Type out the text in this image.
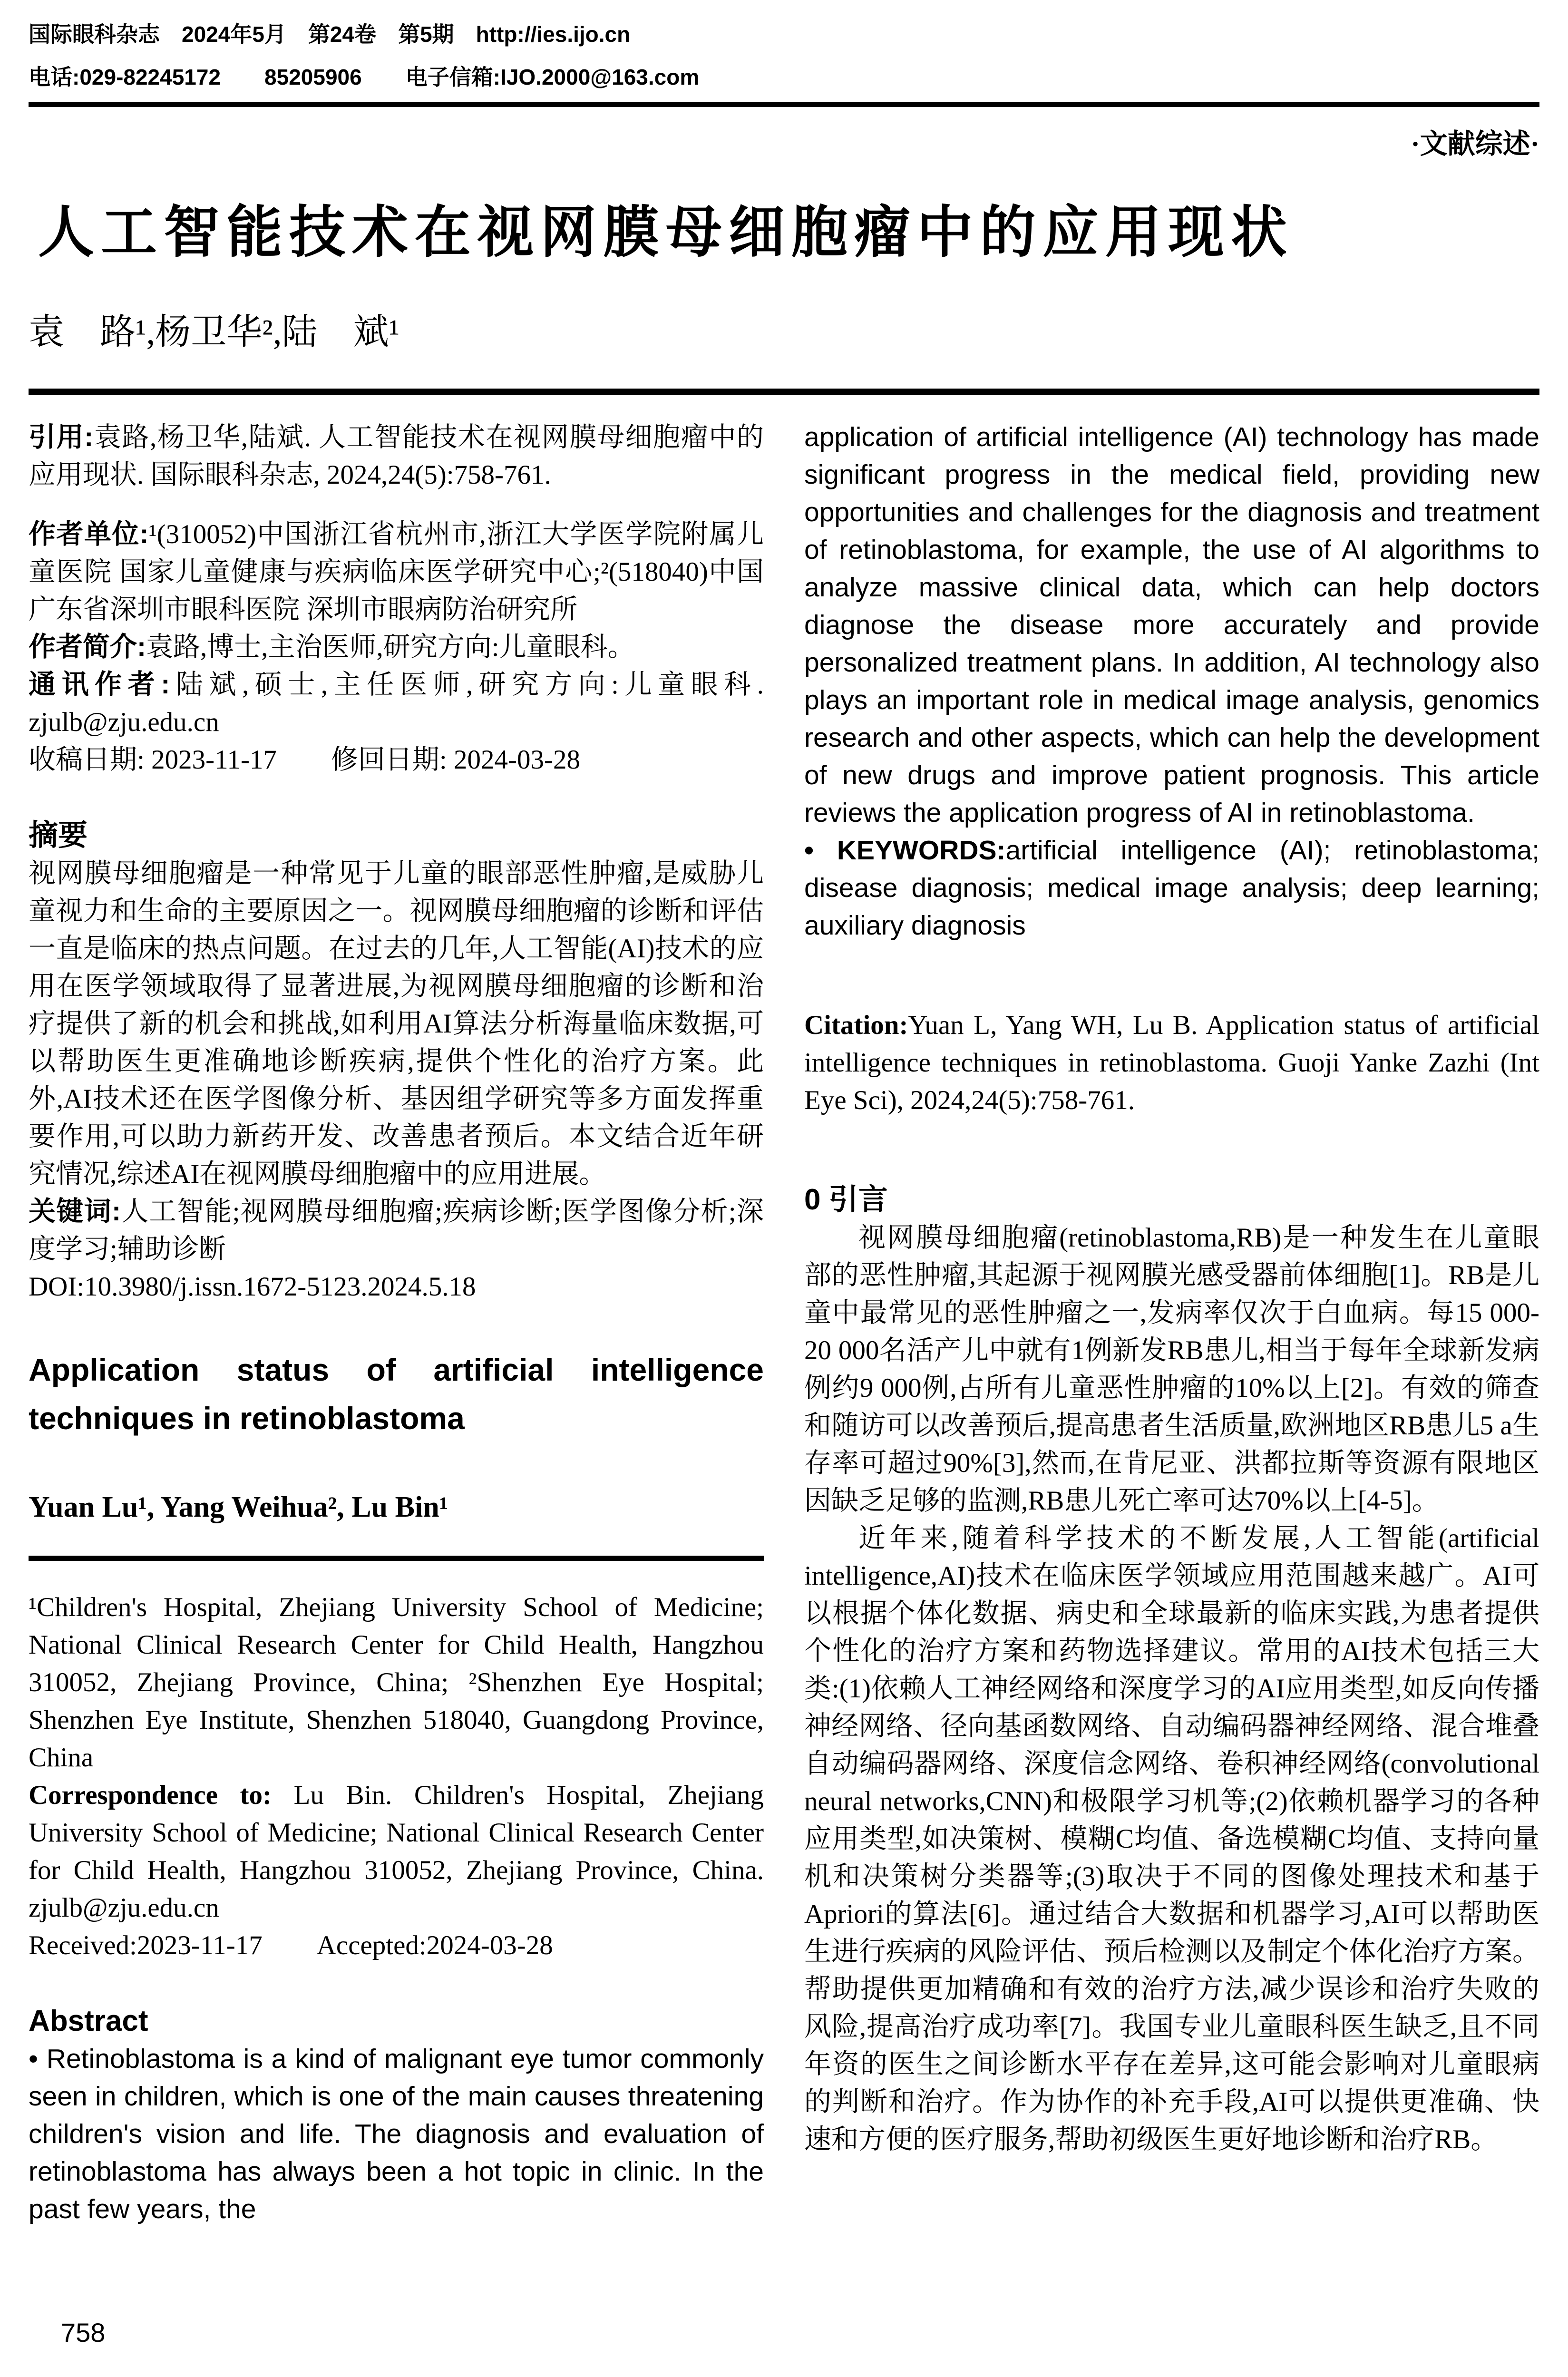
国际眼科杂志　2024年5月　第24卷　第5期　http://ies.ijo.cn
电话:029-82245172　　85205906　　电子信箱:IJO.2000@163.com
·文献综述·
人工智能技术在视网膜母细胞瘤中的应用现状
袁　路¹,杨卫华²,陆　斌¹

引用:袁路,杨卫华,陆斌. 人工智能技术在视网膜母细胞瘤中的应用现状. 国际眼科杂志, 2024,24(5):758-761.

作者单位:¹(310052)中国浙江省杭州市,浙江大学医学院附属儿童医院 国家儿童健康与疾病临床医学研究中心;²(518040)中国广东省深圳市眼科医院 深圳市眼病防治研究所

作者简介:袁路,博士,主治医师,研究方向:儿童眼科。

通讯作者:陆斌,硕士,主任医师,研究方向:儿童眼科. zjulb@zju.edu.cn

收稿日期: 2023-11-17　　修回日期: 2024-03-28

摘要

视网膜母细胞瘤是一种常见于儿童的眼部恶性肿瘤,是威胁儿童视力和生命的主要原因之一。视网膜母细胞瘤的诊断和评估一直是临床的热点问题。在过去的几年,人工智能(AI)技术的应用在医学领域取得了显著进展,为视网膜母细胞瘤的诊断和治疗提供了新的机会和挑战,如利用AI算法分析海量临床数据,可以帮助医生更准确地诊断疾病,提供个性化的治疗方案。此外,AI技术还在医学图像分析、基因组学研究等多方面发挥重要作用,可以助力新药开发、改善患者预后。本文结合近年研究情况,综述AI在视网膜母细胞瘤中的应用进展。

关键词:人工智能;视网膜母细胞瘤;疾病诊断;医学图像分析;深度学习;辅助诊断

DOI:10.3980/j.issn.1672-5123.2024.5.18

Application status of artificial intelligence techniques in retinoblastoma
Yuan Lu¹, Yang Weihua², Lu Bin¹

¹Children's Hospital, Zhejiang University School of Medicine; National Clinical Research Center for Child Health, Hangzhou 310052, Zhejiang Province, China; ²Shenzhen Eye Hospital; Shenzhen Eye Institute, Shenzhen 518040, Guangdong Province, China

Correspondence to: Lu Bin. Children's Hospital, Zhejiang University School of Medicine; National Clinical Research Center for Child Health, Hangzhou 310052, Zhejiang Province, China. zjulb@zju.edu.cn

Received:2023-11-17　　Accepted:2024-03-28

Abstract

• Retinoblastoma is a kind of malignant eye tumor commonly seen in children, which is one of the main causes threatening children's vision and life. The diagnosis and evaluation of retinoblastoma has always been a hot topic in clinic. In the past few years, the

application of artificial intelligence (AI) technology has made significant progress in the medical field, providing new opportunities and challenges for the diagnosis and treatment of retinoblastoma, for example, the use of AI algorithms to analyze massive clinical data, which can help doctors diagnose the disease more accurately and provide personalized treatment plans. In addition, AI technology also plays an important role in medical image analysis, genomics research and other aspects, which can help the development of new drugs and improve patient prognosis. This article reviews the application progress of AI in retinoblastoma.

• KEYWORDS:artificial intelligence (AI); retinoblastoma; disease diagnosis; medical image analysis; deep learning; auxiliary diagnosis

Citation:Yuan L, Yang WH, Lu B. Application status of artificial intelligence techniques in retinoblastoma. Guoji Yanke Zazhi (Int Eye Sci), 2024,24(5):758-761.

0 引言

视网膜母细胞瘤(retinoblastoma,RB)是一种发生在儿童眼部的恶性肿瘤,其起源于视网膜光感受器前体细胞[1]。RB是儿童中最常见的恶性肿瘤之一,发病率仅次于白血病。每15 000-20 000名活产儿中就有1例新发RB患儿,相当于每年全球新发病例约9 000例,占所有儿童恶性肿瘤的10%以上[2]。有效的筛查和随访可以改善预后,提高患者生活质量,欧洲地区RB患儿5 a生存率可超过90%[3],然而,在肯尼亚、洪都拉斯等资源有限地区因缺乏足够的监测,RB患儿死亡率可达70%以上[4-5]。

近年来,随着科学技术的不断发展,人工智能(artificial intelligence,AI)技术在临床医学领域应用范围越来越广。AI可以根据个体化数据、病史和全球最新的临床实践,为患者提供个性化的治疗方案和药物选择建议。常用的AI技术包括三大类:(1)依赖人工神经网络和深度学习的AI应用类型,如反向传播神经网络、径向基函数网络、自动编码器神经网络、混合堆叠自动编码器网络、深度信念网络、卷积神经网络(convolutional neural networks,CNN)和极限学习机等;(2)依赖机器学习的各种应用类型,如决策树、模糊C均值、备选模糊C均值、支持向量机和决策树分类器等;(3)取决于不同的图像处理技术和基于Apriori的算法[6]。通过结合大数据和机器学习,AI可以帮助医生进行疾病的风险评估、预后检测以及制定个体化治疗方案。帮助提供更加精确和有效的治疗方法,减少误诊和治疗失败的风险,提高治疗成功率[7]。我国专业儿童眼科医生缺乏,且不同年资的医生之间诊断水平存在差异,这可能会影响对儿童眼病的判断和治疗。作为协作的补充手段,AI可以提供更准确、快速和方便的医疗服务,帮助初级医生更好地诊断和治疗RB。

758
